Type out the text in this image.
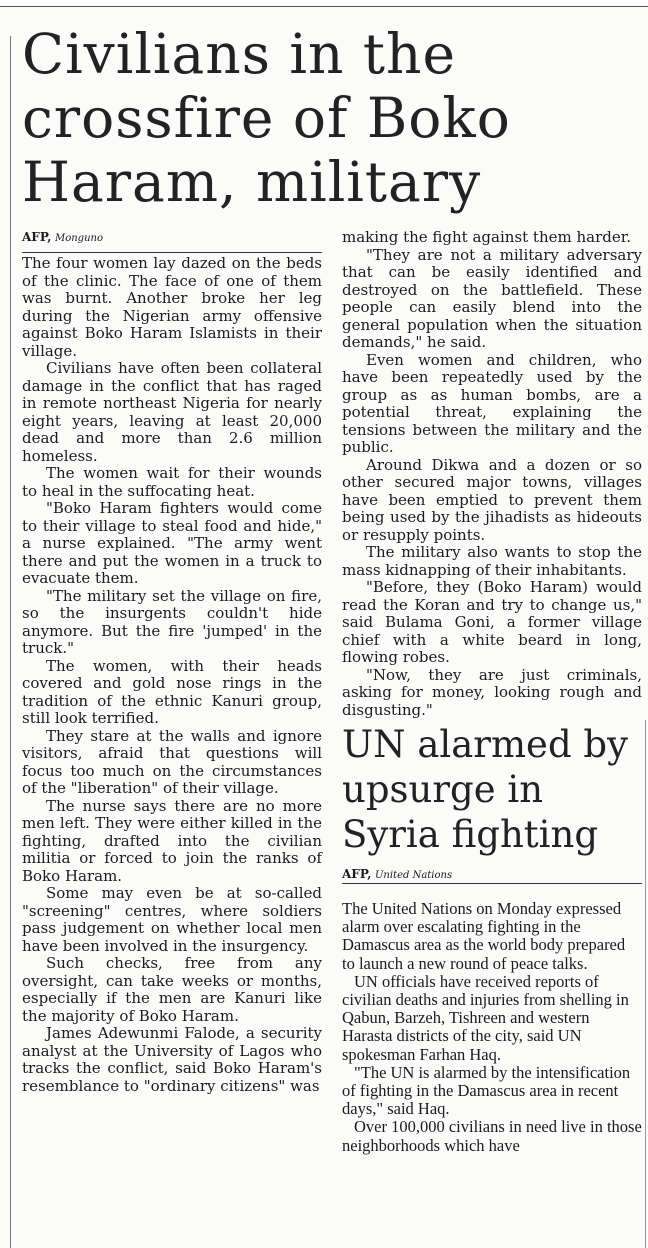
Civilians in the crossfire of Boko Haram, military
AFP, Monguno

The four women lay dazed on the beds of the clinic. The face of one of them was burnt. Another broke her leg during the Nigerian army offensive against Boko Haram Islamists in their village.

Civilians have often been collateral damage in the conflict that has raged in remote northeast Nigeria for nearly eight years, leaving at least 20,000 dead and more than 2.6 million homeless.

The women wait for their wounds to heal in the suffocating heat.

"Boko Haram fighters would come to their village to steal food and hide," a nurse explained. "The army went there and put the women in a truck to evacuate them.

"The military set the village on fire, so the insurgents couldn't hide anymore. But the fire 'jumped' in the truck."

The women, with their heads covered and gold nose rings in the tradition of the ethnic Kanuri group, still look terrified.

They stare at the walls and ignore visitors, afraid that questions will focus too much on the circumstances of the "liberation" of their village.

The nurse says there are no more men left. They were either killed in the fighting, drafted into the civilian militia or forced to join the ranks of Boko Haram.

Some may even be at so-called "screening" centres, where soldiers pass judgement on whether local men have been involved in the insurgency.

Such checks, free from any oversight, can take weeks or months, especially if the men are Kanuri like the majority of Boko Haram.

James Adewunmi Falode, a security analyst at the University of Lagos who tracks the conflict, said Boko Haram's resemblance to "ordinary citizens" was

making the fight against them harder.

"They are not a military adversary that can be easily identified and destroyed on the battlefield. These people can easily blend into the general population when the situation demands," he said.

Even women and children, who have been repeatedly used by the group as as human bombs, are a potential threat, explaining the tensions between the military and the public.

Around Dikwa and a dozen or so other secured major towns, villages have been emptied to prevent them being used by the jihadists as hideouts or resupply points.

The military also wants to stop the mass kidnapping of their inhabitants.

"Before, they (Boko Haram) would read the Koran and try to change us," said Bulama Goni, a former village chief with a white beard in long, flowing robes.

"Now, they are just criminals, asking for money, looking rough and disgusting."

UN alarmed by upsurge in Syria fighting
AFP, United Nations

The United Nations on Monday expressed alarm over escalating fighting in the Damascus area as the world body prepared to launch a new round of peace talks.

UN officials have received reports of civilian deaths and injuries from shelling in Qabun, Barzeh, Tishreen and western Harasta districts of the city, said UN spokesman Farhan Haq.

"The UN is alarmed by the intensification of fighting in the Damascus area in recent days," said Haq.

Over 100,000 civilians in need live in those neighborhoods which have
